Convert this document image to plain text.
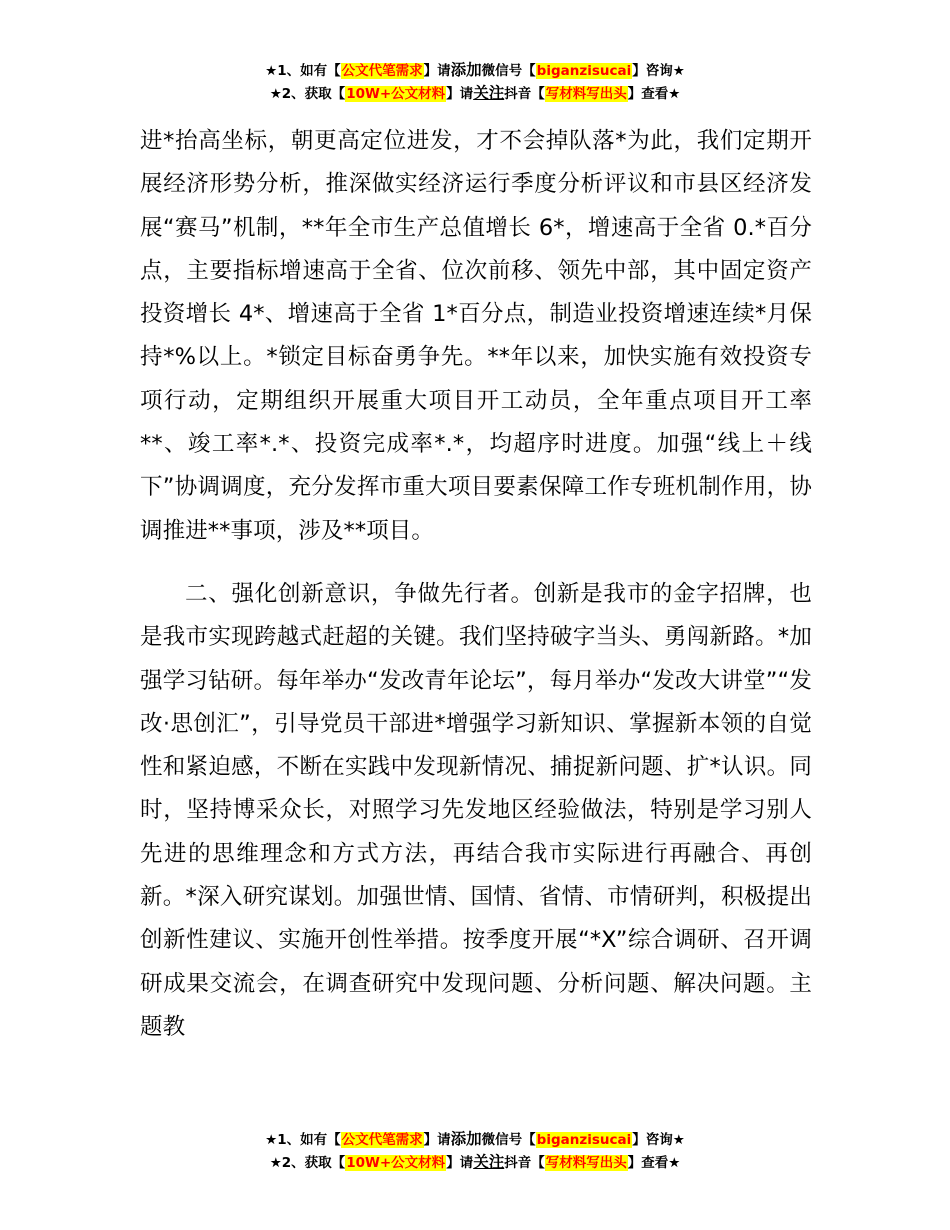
★1、如有【公文代笔需求】请添加微信号【biganzisucai】咨询★
★2、获取【10W+公文材料】请关注抖音【写材料写出头】查看★

进*抬高坐标，朝更高定位进发，才不会掉队落*为此，我们定期开展经济形势分析，推深做实经济运行季度分析评议和市县区经济发展“赛马”机制，**年全市生产总值增长 6*，增速高于全省 0.*百分点，主要指标增速高于全省、位次前移、领先中部，其中固定资产投资增长 4*、增速高于全省 1*百分点，制造业投资增速连续*月保持*%以上。*锁定目标奋勇争先。**年以来，加快实施有效投资专项行动，定期组织开展重大项目开工动员，全年重点项目开工率**、竣工率*.*、投资完成率*.*，均超序时进度。加强“线上＋线下”协调调度，充分发挥市重大项目要素保障工作专班机制作用，协调推进**事项，涉及**项目。

二、强化创新意识，争做先行者。创新是我市的金字招牌，也是我市实现跨越式赶超的关键。我们坚持破字当头、勇闯新路。*加强学习钻研。每年举办“发改青年论坛”，每月举办“发改大讲堂”“发改·思创汇”，引导党员干部进*增强学习新知识、掌握新本领的自觉性和紧迫感，不断在实践中发现新情况、捕捉新问题、扩*认识。同时，坚持博采众长，对照学习先发地区经验做法，特别是学习别人先进的思维理念和方式方法，再结合我市实际进行再融合、再创新。*深入研究谋划。加强世情、国情、省情、市情研判，积极提出创新性建议、实施开创性举措。按季度开展“*X”综合调研、召开调研成果交流会，在调查研究中发现问题、分析问题、解决问题。主题教

★1、如有【公文代笔需求】请添加微信号【biganzisucai】咨询★
★2、获取【10W+公文材料】请关注抖音【写材料写出头】查看★
